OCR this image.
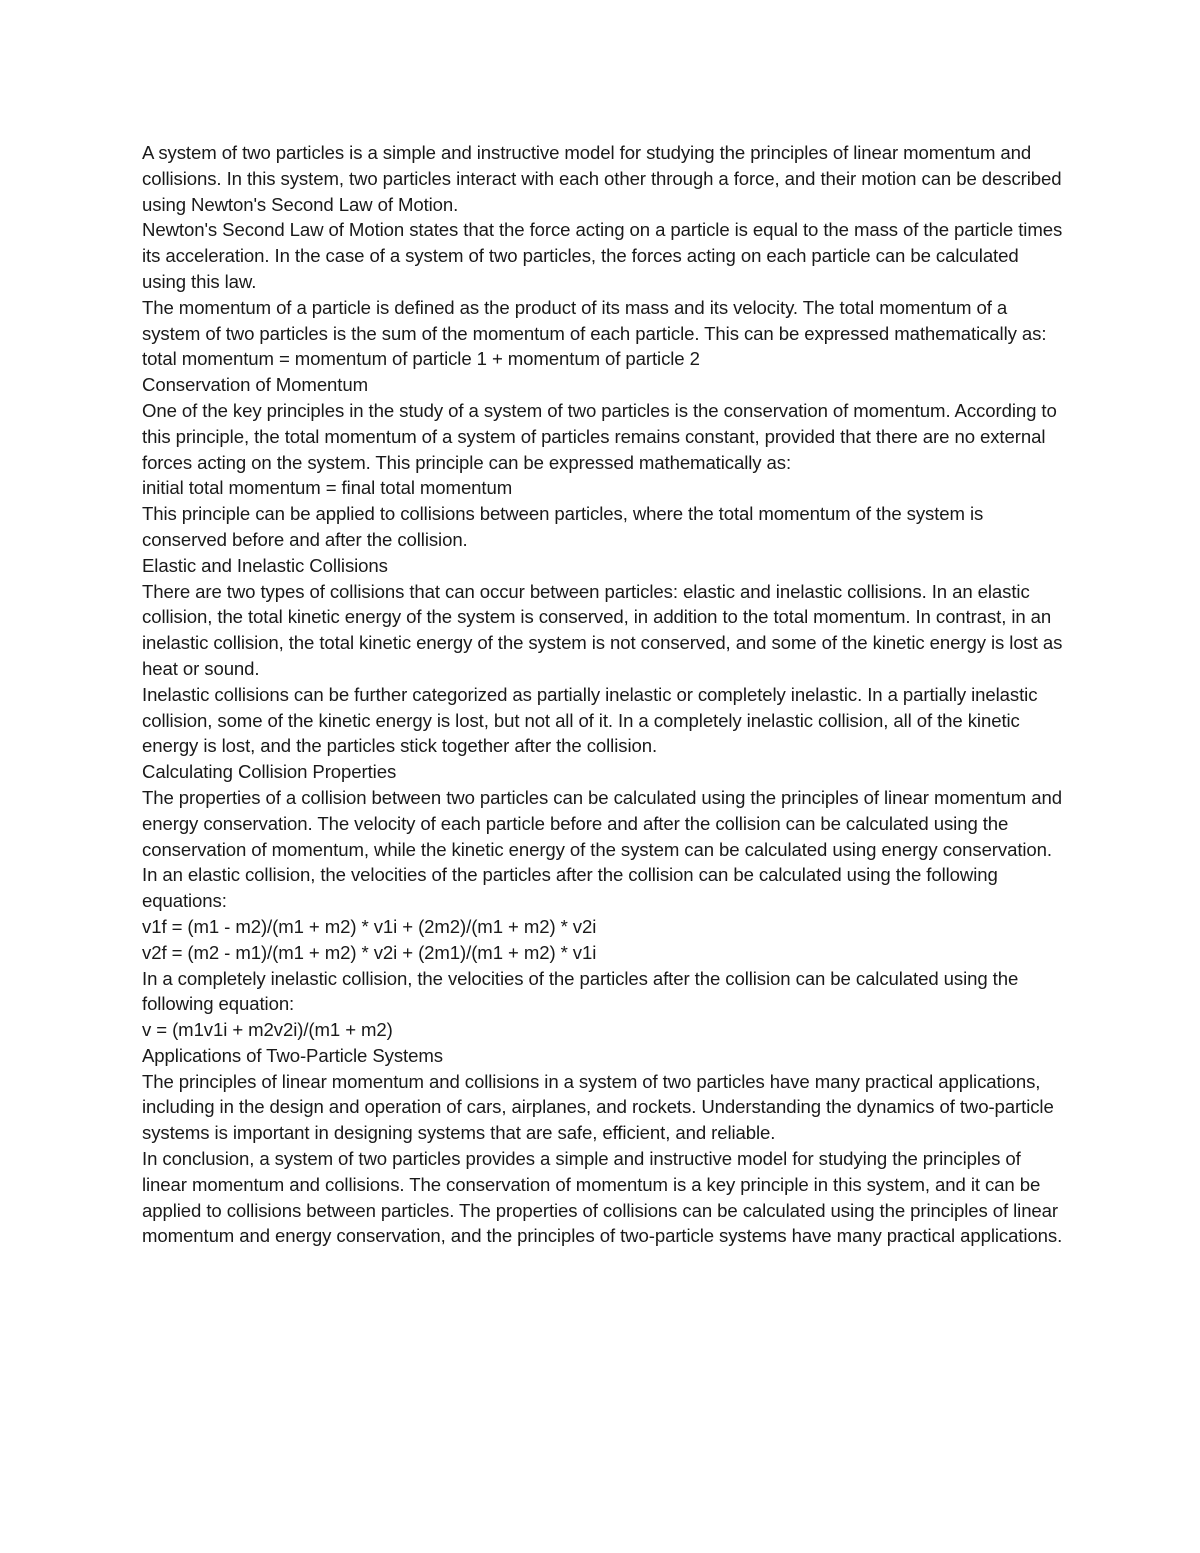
A system of two particles is a simple and instructive model for studying the principles of linear momentum and collisions. In this system, two particles interact with each other through a force, and their motion can be described using Newton's Second Law of Motion.

Newton's Second Law of Motion states that the force acting on a particle is equal to the mass of the particle times its acceleration. In the case of a system of two particles, the forces acting on each particle can be calculated using this law.

The momentum of a particle is defined as the product of its mass and its velocity. The total momentum of a system of two particles is the sum of the momentum of each particle. This can be expressed mathematically as:

total momentum = momentum of particle 1 + momentum of particle 2

Conservation of Momentum

One of the key principles in the study of a system of two particles is the conservation of momentum. According to this principle, the total momentum of a system of particles remains constant, provided that there are no external forces acting on the system. This principle can be expressed mathematically as:

initial total momentum = final total momentum

This principle can be applied to collisions between particles, where the total momentum of the system is conserved before and after the collision.

Elastic and Inelastic Collisions

There are two types of collisions that can occur between particles: elastic and inelastic collisions. In an elastic collision, the total kinetic energy of the system is conserved, in addition to the total momentum. In contrast, in an inelastic collision, the total kinetic energy of the system is not conserved, and some of the kinetic energy is lost as heat or sound.

Inelastic collisions can be further categorized as partially inelastic or completely inelastic. In a partially inelastic collision, some of the kinetic energy is lost, but not all of it. In a completely inelastic collision, all of the kinetic energy is lost, and the particles stick together after the collision.

Calculating Collision Properties

The properties of a collision between two particles can be calculated using the principles of linear momentum and energy conservation. The velocity of each particle before and after the collision can be calculated using the conservation of momentum, while the kinetic energy of the system can be calculated using energy conservation.

In an elastic collision, the velocities of the particles after the collision can be calculated using the following equations:

v1f = (m1 - m2)/(m1 + m2) * v1i + (2m2)/(m1 + m2) * v2i

v2f = (m2 - m1)/(m1 + m2) * v2i + (2m1)/(m1 + m2) * v1i

In a completely inelastic collision, the velocities of the particles after the collision can be calculated using the following equation:

v = (m1v1i + m2v2i)/(m1 + m2)

Applications of Two-Particle Systems

The principles of linear momentum and collisions in a system of two particles have many practical applications, including in the design and operation of cars, airplanes, and rockets. Understanding the dynamics of two-particle systems is important in designing systems that are safe, efficient, and reliable.

In conclusion, a system of two particles provides a simple and instructive model for studying the principles of linear momentum and collisions. The conservation of momentum is a key principle in this system, and it can be applied to collisions between particles. The properties of collisions can be calculated using the principles of linear momentum and energy conservation, and the principles of two-particle systems have many practical applications.
